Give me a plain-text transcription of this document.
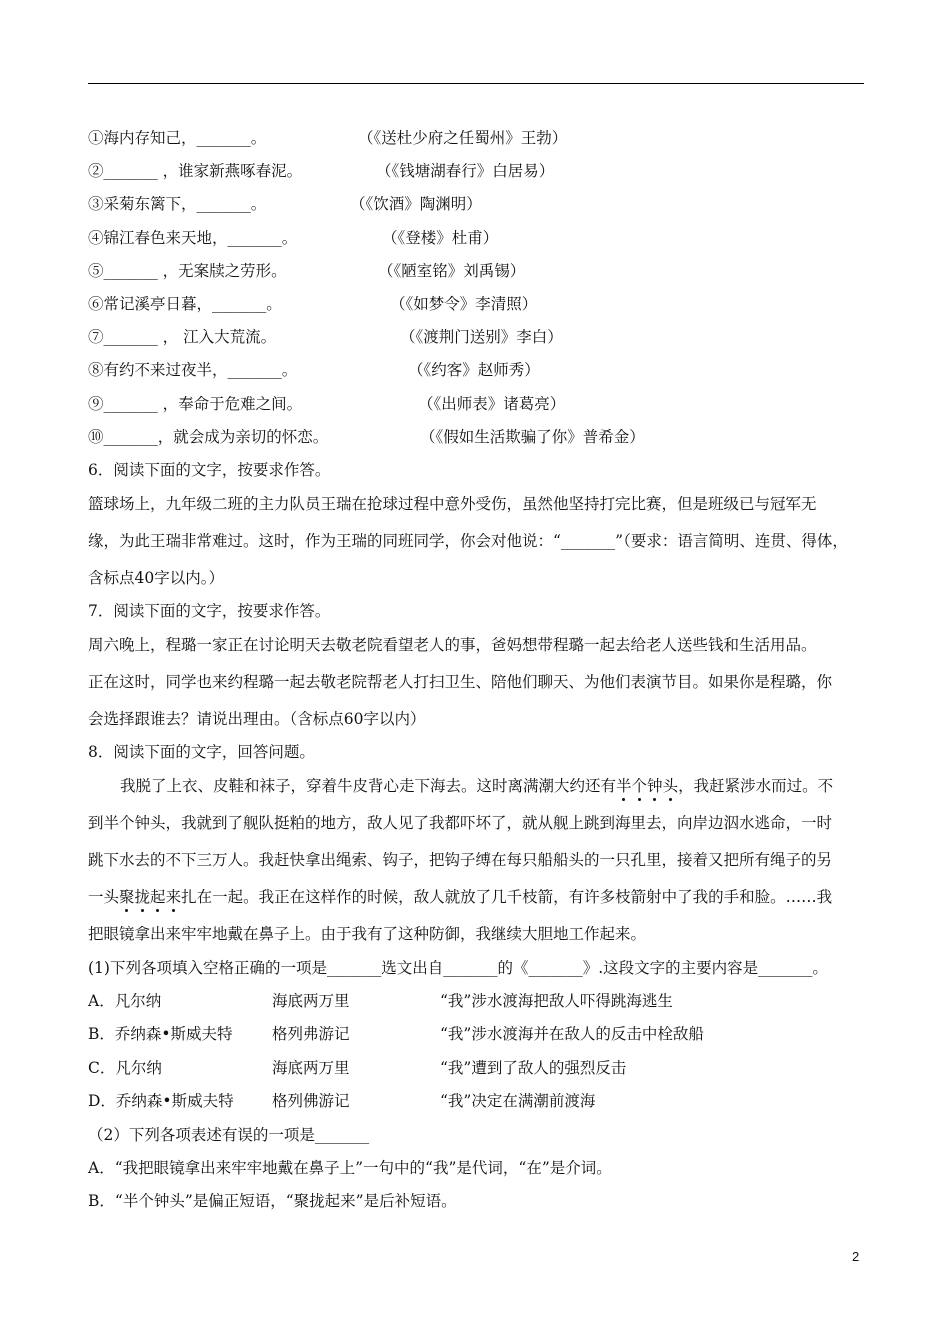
①海内存知己，_______。	（《送杜少府之任蜀州》王勃）
②_______ ，谁家新燕啄春泥。	（《钱塘湖春行》白居易）
③采菊东篱下，_______。	（《饮酒》陶渊明）
④锦江春色来天地，_______。	（《登楼》杜甫）
⑤_______ ，无案牍之劳形。	（《陋室铭》刘禹锡）
⑥常记溪亭日暮，_______。	（《如梦令》李清照）
⑦_______ ， 江入大荒流。	（《渡荆门送别》李白）
⑧有约不来过夜半，_______。	（《约客》赵师秀）
⑨_______ ，奉命于危难之间。	（《出师表》诸葛亮）
⑩_______，就会成为亲切的怀恋。	（《假如生活欺骗了你》普希金）
6．阅读下面的文字，按要求作答。
篮球场上，九年级二班的主力队员王瑞在抢球过程中意外受伤，虽然他坚持打完比赛，但是班级已与冠军无
缘，为此王瑞非常难过。这时，作为王瑞的同班同学，你会对他说：“_______”（要求：语言简明、连贯、得体，
含标点40字以内。）
7．阅读下面的文字，按要求作答。
周六晚上，程璐一家正在讨论明天去敬老院看望老人的事，爸妈想带程璐一起去给老人送些钱和生活用品。
正在这时，同学也来约程璐一起去敬老院帮老人打扫卫生、陪他们聊天、为他们表演节目。如果你是程璐，你
会选择跟谁去？请说出理由。（含标点60字以内）
8．阅读下面的文字，回答问题。
我脱了上衣、皮鞋和袜子，穿着牛皮背心走下海去。这时离满潮大约还有半个钟头，我赶紧涉水而过。不
到半个钟头，我就到了舰队挺粕的地方，敌人见了我都吓坏了，就从舰上跳到海里去，向岸边泅水逃命，一时
跳下水去的不下三万人。我赶快拿出绳索、钩子，把钩子缚在每只船船头的一只孔里，接着又把所有绳子的另
一头聚拢起来扎在一起。我正在这样作的时候，敌人就放了几千枝箭，有许多枝箭射中了我的手和脸。……我
把眼镜拿出来牢牢地戴在鼻子上。由于我有了这种防御，我继续大胆地工作起来。
(1)下列各项填入空格正确的一项是_______选文出自_______的《_______》.这段文字的主要内容是_______。
A．凡尔纳	海底两万里	“我”涉水渡海把敌人吓得跳海逃生
B．乔纳森•斯威夫特	格列弗游记	“我”涉水渡海并在敌人的反击中栓敌船
C．凡尔纳	海底两万里	“我”遭到了敌人的强烈反击
D．乔纳森•斯威夫特 格列佛游记	“我”决定在满潮前渡海
（2）下列各项表述有误的一项是_______
A．“我把眼镜拿出来牢牢地戴在鼻子上”一句中的“我”是代词，“在”是介词。
B．“半个钟头”是偏正短语，“聚拢起来”是后补短语。
2
